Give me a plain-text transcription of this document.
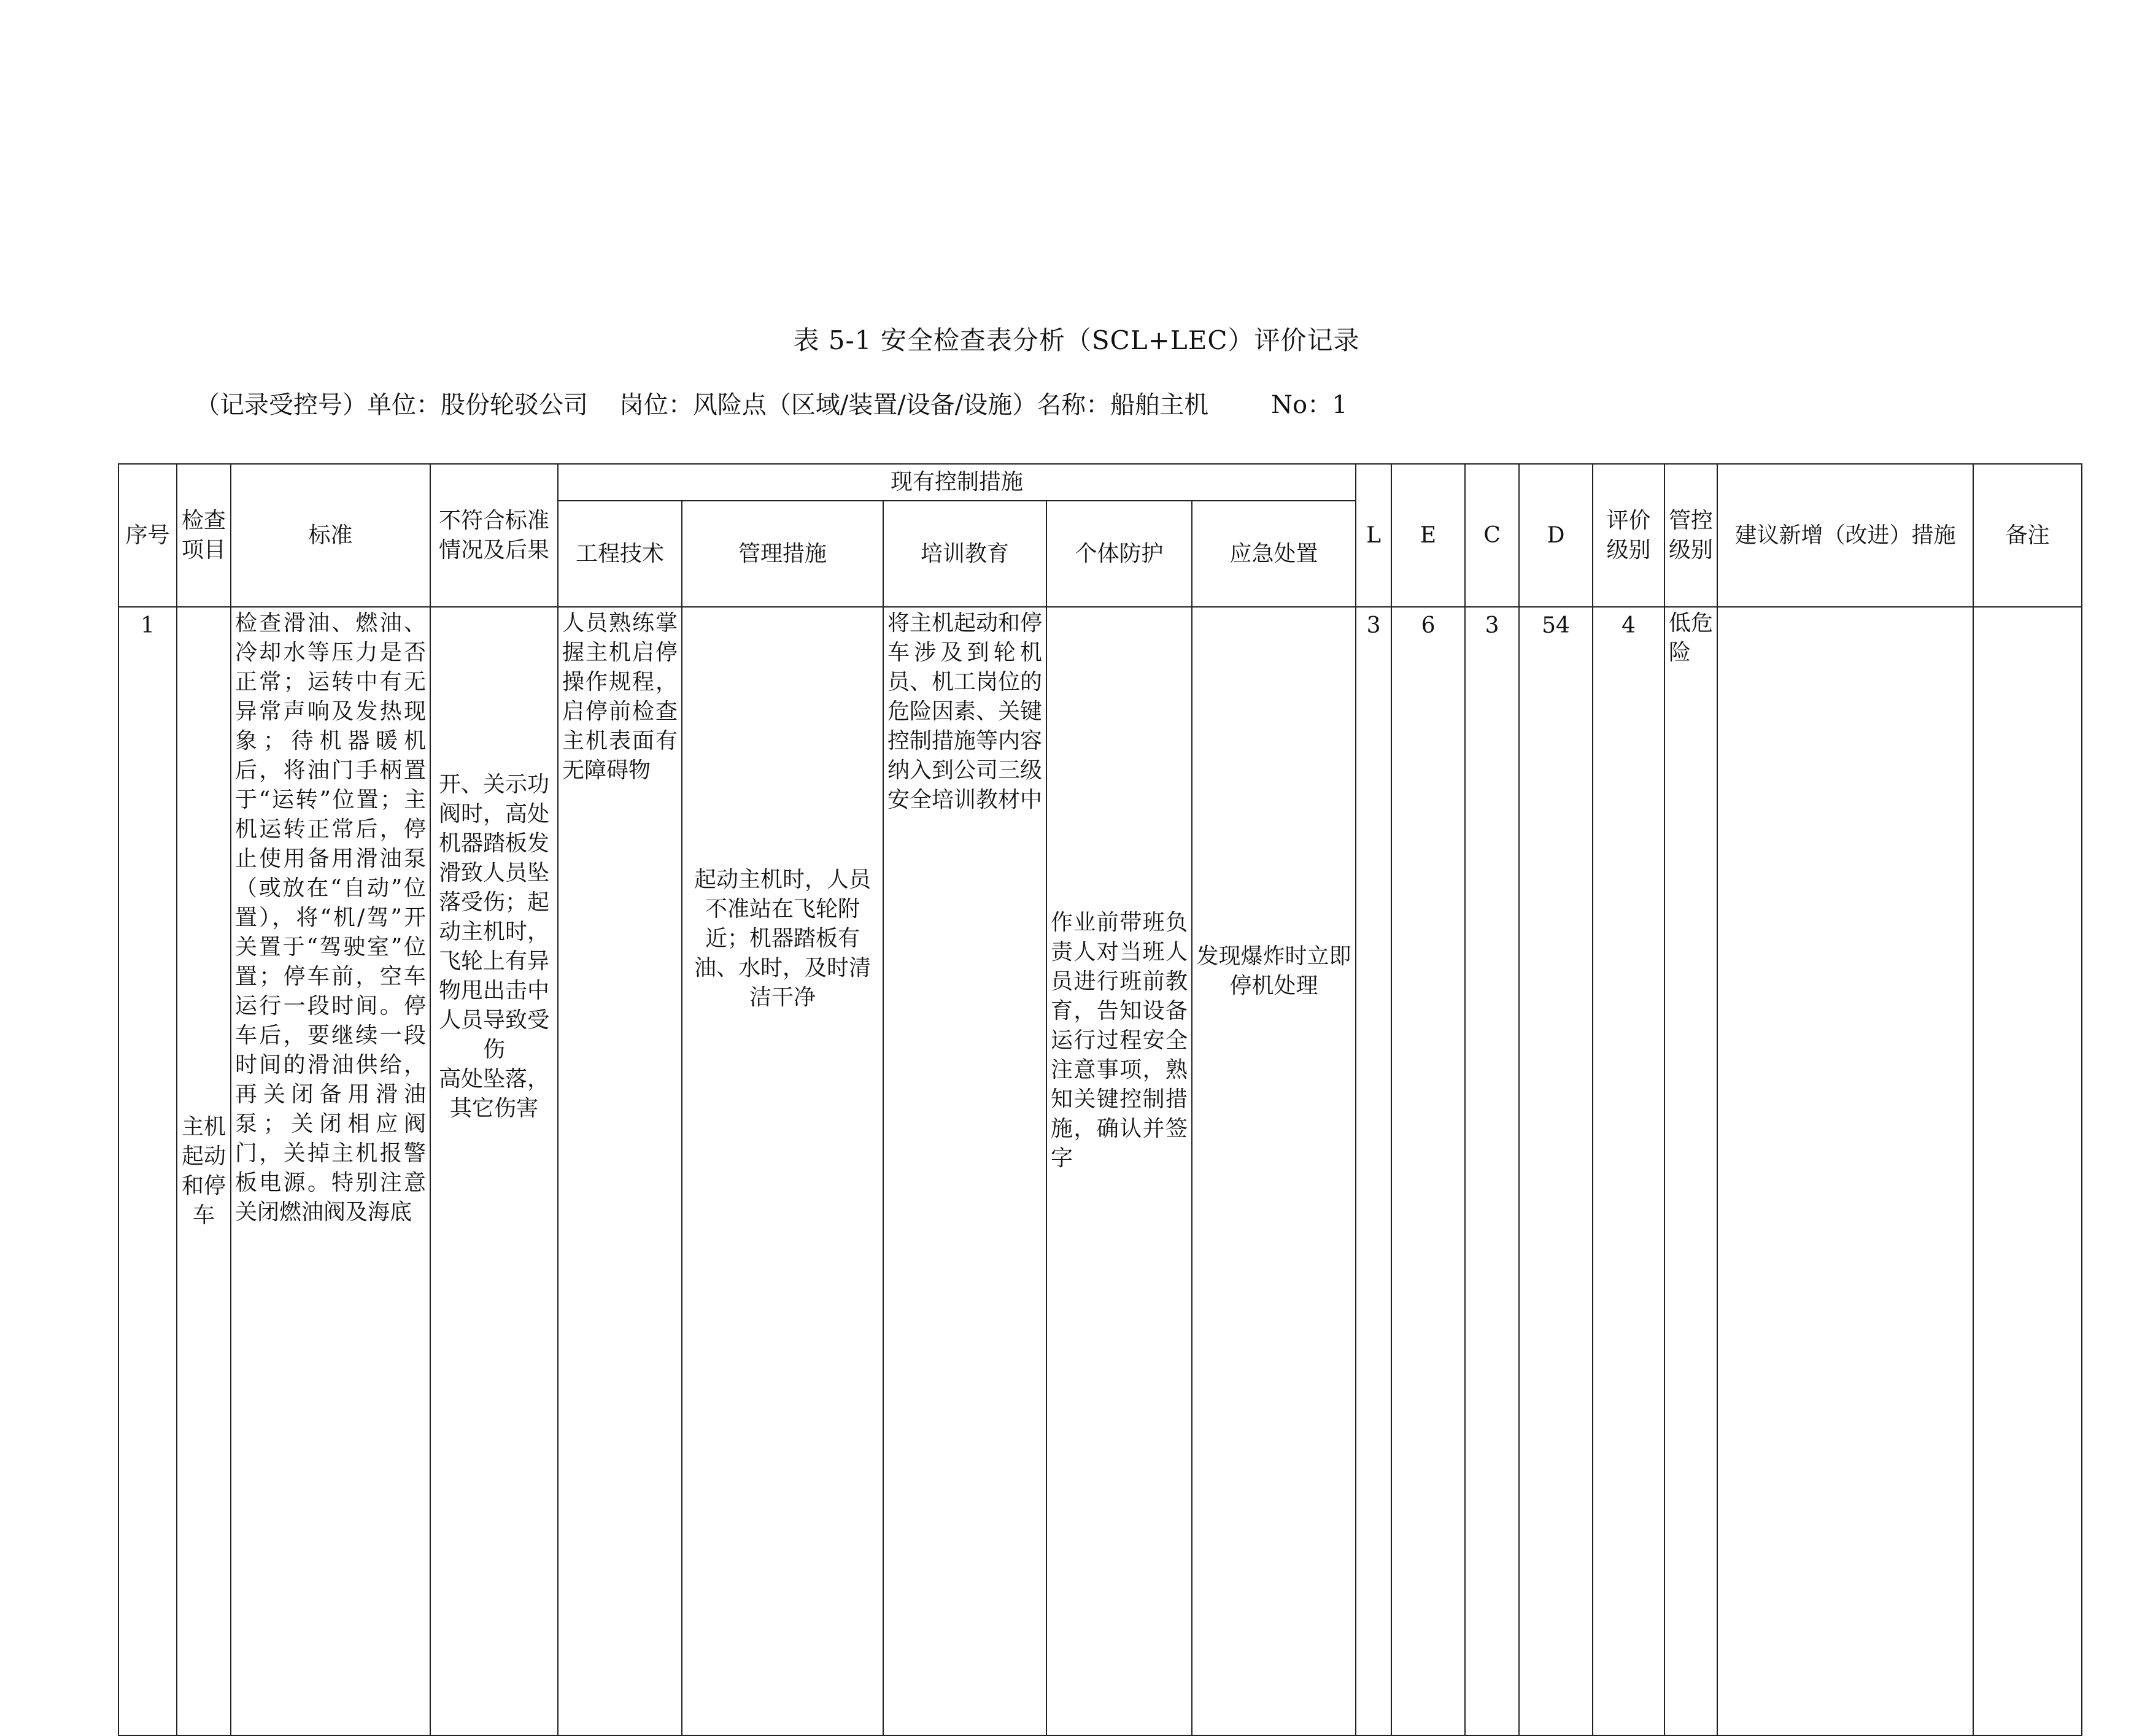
表 5-1 安全检查表分析（SCL+LEC）评价记录
（记录受控号）单位：股份轮驳公司    岗位：风险点（区域/装置/设备/设施）名称：船舶主机        No：1
序号	检查项目	标准	不符合标准情况及后果	现有控制措施					L	E	C	D	评价级别	管控级别	建议新增（改进）措施	备注
				工程技术	管理措施	培训教育	个体防护	应急处置								
1	主机起动和停车	检查滑油、燃油、冷却水等压力是否正常；运转中有无异常声响及发热现象；待机器暖机后，将油门手柄置于“运转”位置；主机运转正常后，停止使用备用滑油泵（或放在“自动”位置），将“机/驾”开关置于“驾驶室”位置；停车前，空车运行一段时间。停车后，要继续一段时间的滑油供给，再关闭备用滑油泵；关闭相应阀门，关掉主机报警板电源。特别注意关闭燃油阀及海底	开、关示功阀时，高处机器踏板发滑致人员坠落受伤；起动主机时，飞轮上有异物甩出击中人员导致受伤
高处坠落，其它伤害	人员熟练掌握主机启停操作规程，启停前检查主机表面有无障碍物	起动主机时，人员不准站在飞轮附近；机器踏板有油、水时，及时清洁干净	将主机起动和停车涉及到轮机员、机工岗位的危险因素、关键控制措施等内容纳入到公司三级安全培训教材中	作业前带班负责人对当班人员进行班前教育，告知设备运行过程安全注意事项，熟知关键控制措施，确认并签字	发现爆炸时立即停机处理	3	6	3	54	4	低危险		
